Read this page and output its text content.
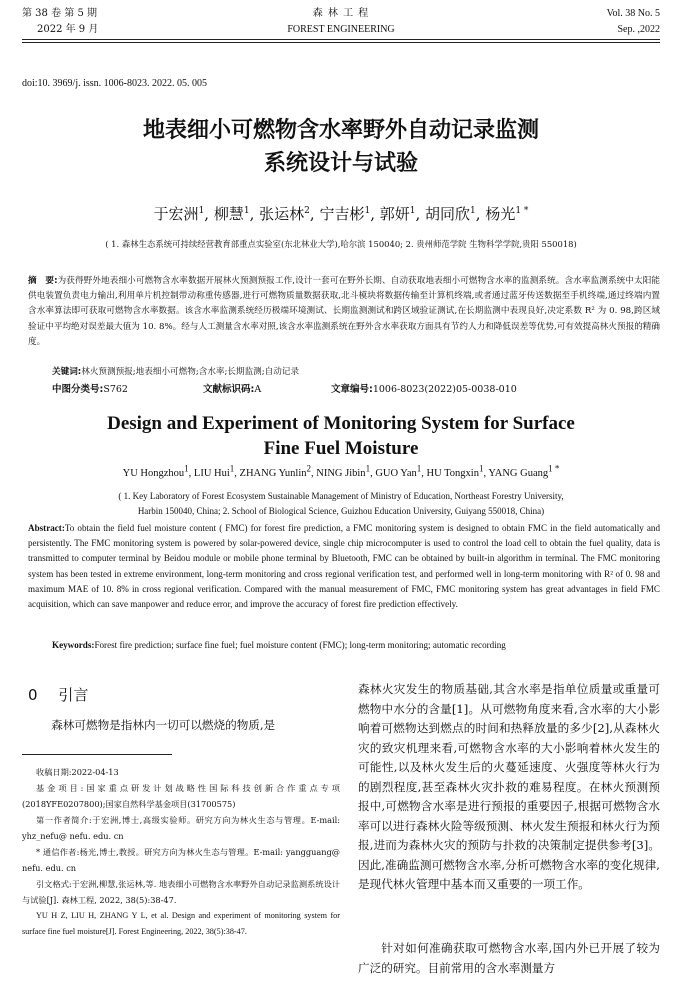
第 38 卷 第 5 期
2022 年 9 月
森 林 工 程
FOREST ENGINEERING
Vol. 38 No. 5
Sep. ,2022
doi:10. 3969/j. issn. 1006-8023. 2022. 05. 005
地表细小可燃物含水率野外自动记录监测
系统设计与试验
于宏洲$^1$, 柳慧$^1$, 张运林$^2$, 宁吉彬$^1$, 郭妍$^1$, 胡同欣$^1$, 杨光$^{1 *}$
( 1. 森林生态系统可持续经营教育部重点实验室(东北林业大学),哈尔滨 150040; 2. 贵州师范学院 生物科学学院,贵阳 550018)
摘　要:为获得野外地表细小可燃物含水率数据开展林火预测预报工作,设计一套可在野外长期、自动获取地表细小可燃物含水率的监测系统。含水率监测系统中太阳能供电装置负责电力输出,利用单片机控制带动称重传感器,进行可燃物质量数据获取,北斗模块将数据传输至计算机终端,或者通过蓝牙传送数据至手机终端,通过终端内置含水率算法即可获取可燃物含水率数据。该含水率监测系统经历极端环境测试、长期监测测试和跨区域验证测试,在长期监测中表现良好,决定系数 R² 为 0. 98,跨区域验证中平均绝对误差最大值为 10. 8%。经与人工测量含水率对照,该含水率监测系统在野外含水率获取方面具有节约人力和降低误差等优势,可有效提高林火预报的精确度。
关键词:林火预测预报;地表细小可燃物;含水率;长期监测;自动记录
中图分类号:S762	文献标识码:A	文章编号:1006-8023(2022)05-0038-010
Design and Experiment of Monitoring System for Surface
Fine Fuel Moisture
YU Hongzhou1, LIU Hui1, ZHANG Yunlin2, NING Jibin1, GUO Yan1, HU Tongxin1, YANG Guang1 *
( 1. Key Laboratory of Forest Ecosystem Sustainable Management of Ministry of Education, Northeast Forestry University,
Harbin 150040, China; 2. School of Biological Science, Guizhou Education University, Guiyang 550018, China)
Abstract:To obtain the field fuel moisture content ( FMC) for forest fire prediction, a FMC monitoring system is designed to obtain FMC in the field automatically and persistently. The FMC monitoring system is powered by solar-powered device, single chip microcomputer is used to control the load cell to obtain the fuel quality, data is transmitted to computer terminal by Beidou module or mobile phone terminal by Bluetooth, FMC can be obtained by built-in algorithm in terminal. The FMC monitoring system has been tested in extreme environment, long-term monitoring and cross regional verification test, and performed well in long-term monitoring with R² of 0. 98 and maximum MAE of 10. 8% in cross regional verification. Compared with the manual measurement of FMC, FMC monitoring system has great advantages in field FMC acquisition, which can save manpower and reduce error, and improve the accuracy of forest fire prediction effectively.
Keywords:Forest fire prediction; surface fine fuel; fuel moisture content (FMC); long-term monitoring; automatic recording
0 引言
森林可燃物是指林内一切可以燃烧的物质,是
收稿日期:2022-04-13
基金项目:国家重点研发计划战略性国际科技创新合作重点专项(2018YFE0207800);国家自然科学基金项目(31700575)
第一作者简介:于宏洲,博士,高级实验师。研究方向为林火生态与管理。E-mail: yhz_nefu@ nefu. edu. cn
* 通信作者:杨光,博士,教授。研究方向为林火生态与管理。E-mail: yangguang@ nefu. edu. cn
引文格式:于宏洲,柳慧,张运林,等. 地表细小可燃物含水率野外自动记录监测系统设计与试验[J]. 森林工程, 2022, 38(5):38-47.
YU H Z, LIU H, ZHANG Y L, et al. Design and experiment of monitoring system for surface fine fuel moisture[J]. Forest Engineering, 2022, 38(5):38-47.
森林火灾发生的物质基础,其含水率是指单位质量或重量可燃物中水分的含量[1]。从可燃物角度来看,含水率的大小影响着可燃物达到燃点的时间和热释放量的多少[2],从森林火灾的致灾机理来看,可燃物含水率的大小影响着林火发生的可能性,以及林火发生后的火蔓延速度、火强度等林火行为的剧烈程度,甚至森林火灾扑救的难易程度。在林火预测预报中,可燃物含水率是进行预报的重要因子,根据可燃物含水率可以进行森林火险等级预测、林火发生预报和林火行为预报,进而为森林火灾的预防与扑救的决策制定提供参考[3]。因此,准确监测可燃物含水率,分析可燃物含水率的变化规律,是现代林火管理中基本而又重要的一项工作。
针对如何准确获取可燃物含水率,国内外已开展了较为广泛的研究。目前常用的含水率测量方
